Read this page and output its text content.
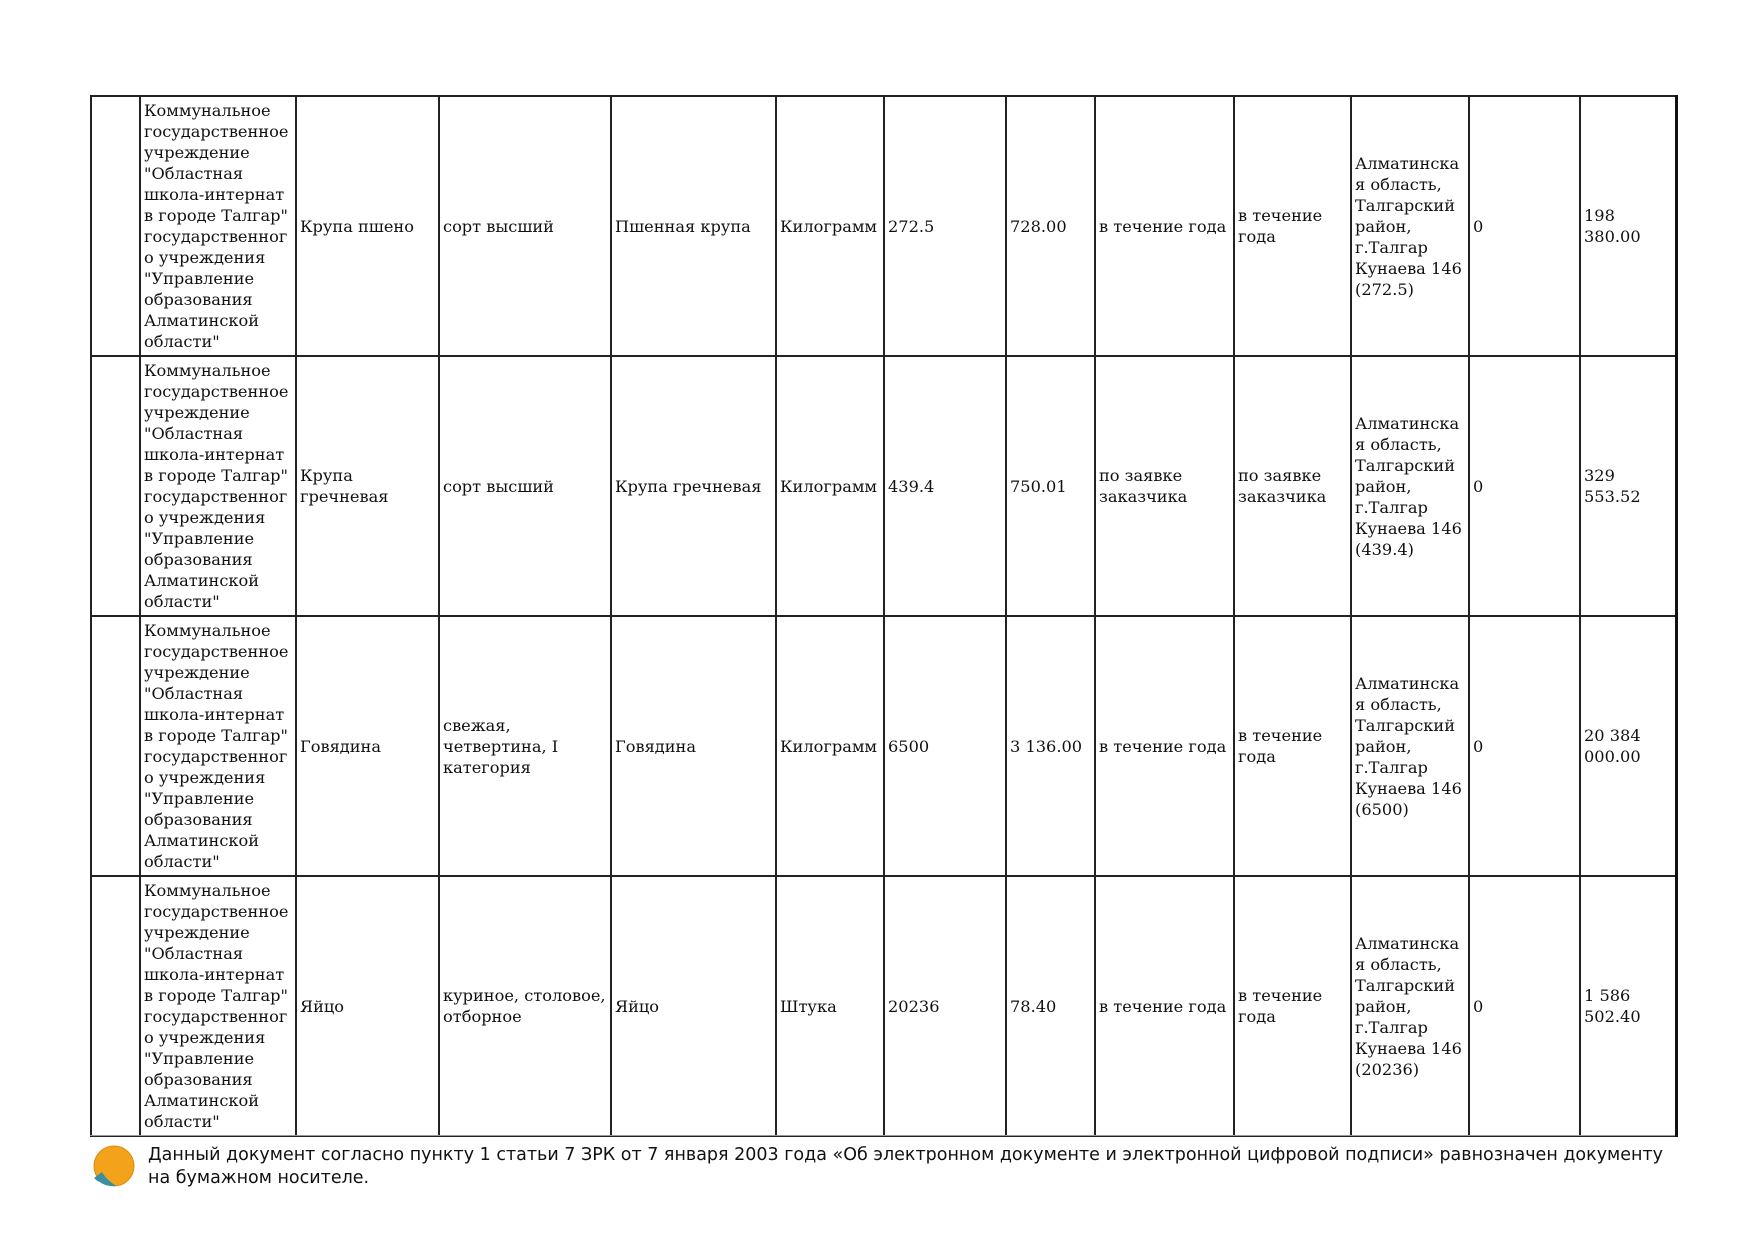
	Коммунальное государственное учреждение "Областная школа-интернат в городе Талгар" государственного учреждения "Управление образования Алматинской области"	Крупа пшено	сорт высший	Пшенная крупа	Килограмм	272.5	728.00	в течение года	в течение года	Алматинская область, Талгарский район, г.Талгар Кунаева 146 (272.5)	0	198 380.00
	Коммунальное государственное учреждение "Областная школа-интернат в городе Талгар" государственного учреждения "Управление образования Алматинской области"	Крупа гречневая	сорт высший	Крупа гречневая	Килограмм	439.4	750.01	по заявке заказчика	по заявке заказчика	Алматинская область, Талгарский район, г.Талгар Кунаева 146 (439.4)	0	329 553.52
	Коммунальное государственное учреждение "Областная школа-интернат в городе Талгар" государственного учреждения "Управление образования Алматинской области"	Говядина	свежая, четвертина, I категория	Говядина	Килограмм	6500	3 136.00	в течение года	в течение года	Алматинская область, Талгарский район, г.Талгар Кунаева 146 (6500)	0	20 384 000.00
	Коммунальное государственное учреждение "Областная школа-интернат в городе Талгар" государственного учреждения "Управление образования Алматинской области"	Яйцо	куриное, столовое, отборное	Яйцо	Штука	20236	78.40	в течение года	в течение года	Алматинская область, Талгарский район, г.Талгар Кунаева 146 (20236)	0	1 586 502.40
Данный документ согласно пункту 1 статьи 7 ЗРК от 7 января 2003 года «Об электронном документе и электронной цифровой подписи» равнозначен документу на бумажном носителе.
